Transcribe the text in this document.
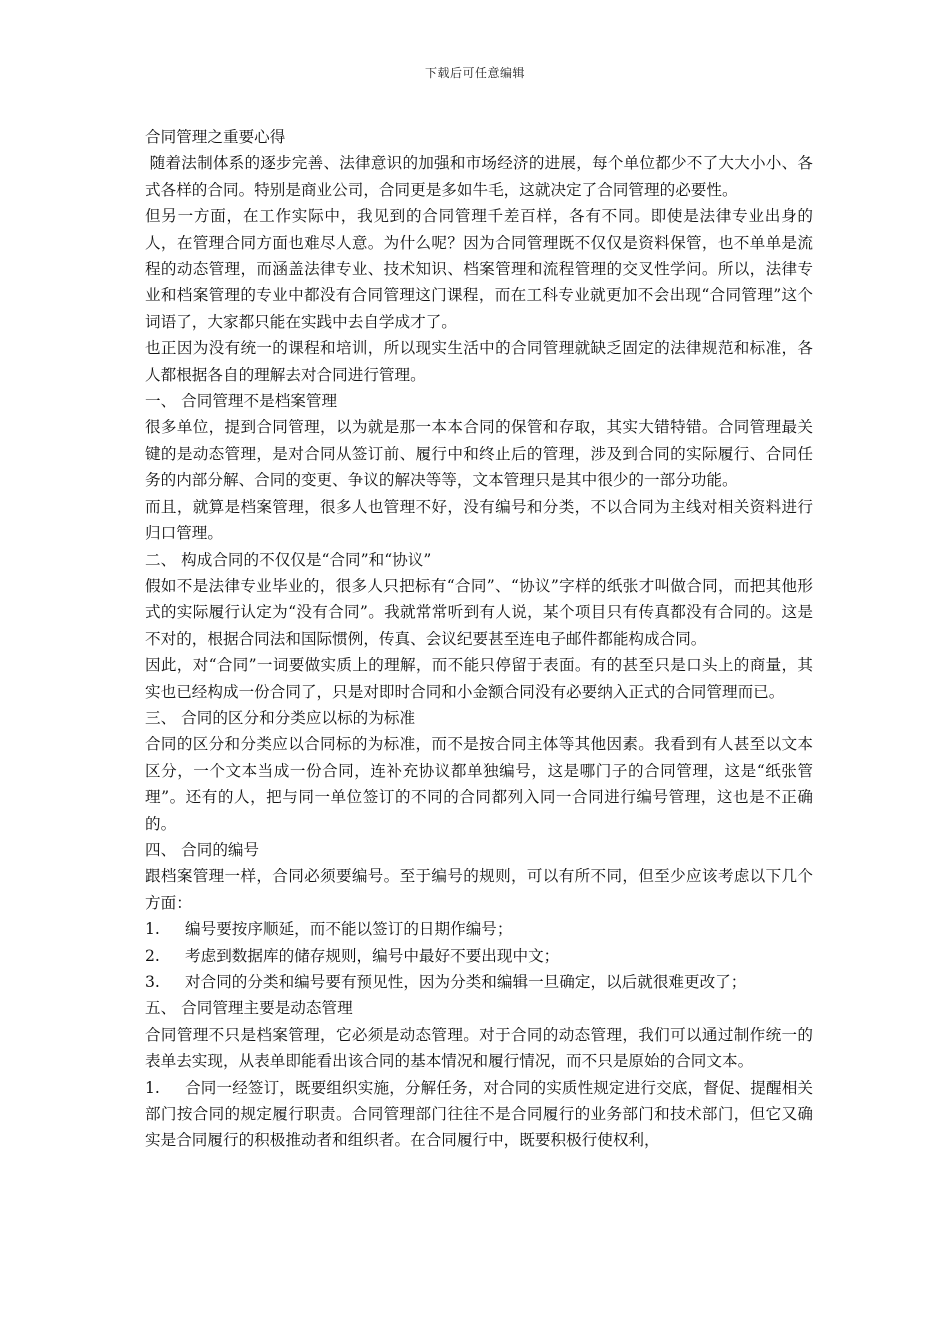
下载后可任意编辑

合同管理之重要心得

随着法制体系的逐步完善、法律意识的加强和市场经济的进展，每个单位都少不了大大小小、各式各样的合同。特别是商业公司，合同更是多如牛毛，这就决定了合同管理的必要性。

但另一方面，在工作实际中，我见到的合同管理千差百样，各有不同。即使是法律专业出身的人，在管理合同方面也难尽人意。为什么呢？因为合同管理既不仅仅是资料保管，也不单单是流程的动态管理，而涵盖法律专业、技术知识、档案管理和流程管理的交叉性学问。所以，法律专业和档案管理的专业中都没有合同管理这门课程，而在工科专业就更加不会出现“合同管理”这个词语了，大家都只能在实践中去自学成才了。

也正因为没有统一的课程和培训，所以现实生活中的合同管理就缺乏固定的法律规范和标准，各人都根据各自的理解去对合同进行管理。

一、 合同管理不是档案管理

很多单位，提到合同管理，以为就是那一本本合同的保管和存取，其实大错特错。合同管理最关键的是动态管理，是对合同从签订前、履行中和终止后的管理，涉及到合同的实际履行、合同任务的内部分解、合同的变更、争议的解决等等，文本管理只是其中很少的一部分功能。

而且，就算是档案管理，很多人也管理不好，没有编号和分类，不以合同为主线对相关资料进行归口管理。

二、 构成合同的不仅仅是“合同”和“协议”

假如不是法律专业毕业的，很多人只把标有“合同”、“协议”字样的纸张才叫做合同，而把其他形式的实际履行认定为“没有合同”。我就常常听到有人说，某个项目只有传真都没有合同的。这是不对的，根据合同法和国际惯例，传真、会议纪要甚至连电子邮件都能构成合同。

因此，对“合同”一词要做实质上的理解，而不能只停留于表面。有的甚至只是口头上的商量，其实也已经构成一份合同了，只是对即时合同和小金额合同没有必要纳入正式的合同管理而已。

三、 合同的区分和分类应以标的为标准

合同的区分和分类应以合同标的为标准，而不是按合同主体等其他因素。我看到有人甚至以文本区分，一个文本当成一份合同，连补充协议都单独编号，这是哪门子的合同管理，这是“纸张管理”。还有的人，把与同一单位签订的不同的合同都列入同一合同进行编号管理，这也是不正确的。

四、 合同的编号

跟档案管理一样，合同必须要编号。至于编号的规则，可以有所不同，但至少应该考虑以下几个方面：

1. 编号要按序顺延，而不能以签订的日期作编号；

2. 考虑到数据库的储存规则，编号中最好不要出现中文；

3. 对合同的分类和编号要有预见性，因为分类和编辑一旦确定，以后就很难更改了；

五、 合同管理主要是动态管理

合同管理不只是档案管理，它必须是动态管理。对于合同的动态管理，我们可以通过制作统一的表单去实现，从表单即能看出该合同的基本情况和履行情况，而不只是原始的合同文本。

1. 合同一经签订，既要组织实施，分解任务，对合同的实质性规定进行交底，督促、提醒相关部门按合同的规定履行职责。合同管理部门往往不是合同履行的业务部门和技术部门，但它又确实是合同履行的积极推动者和组织者。在合同履行中，既要积极行使权利，
